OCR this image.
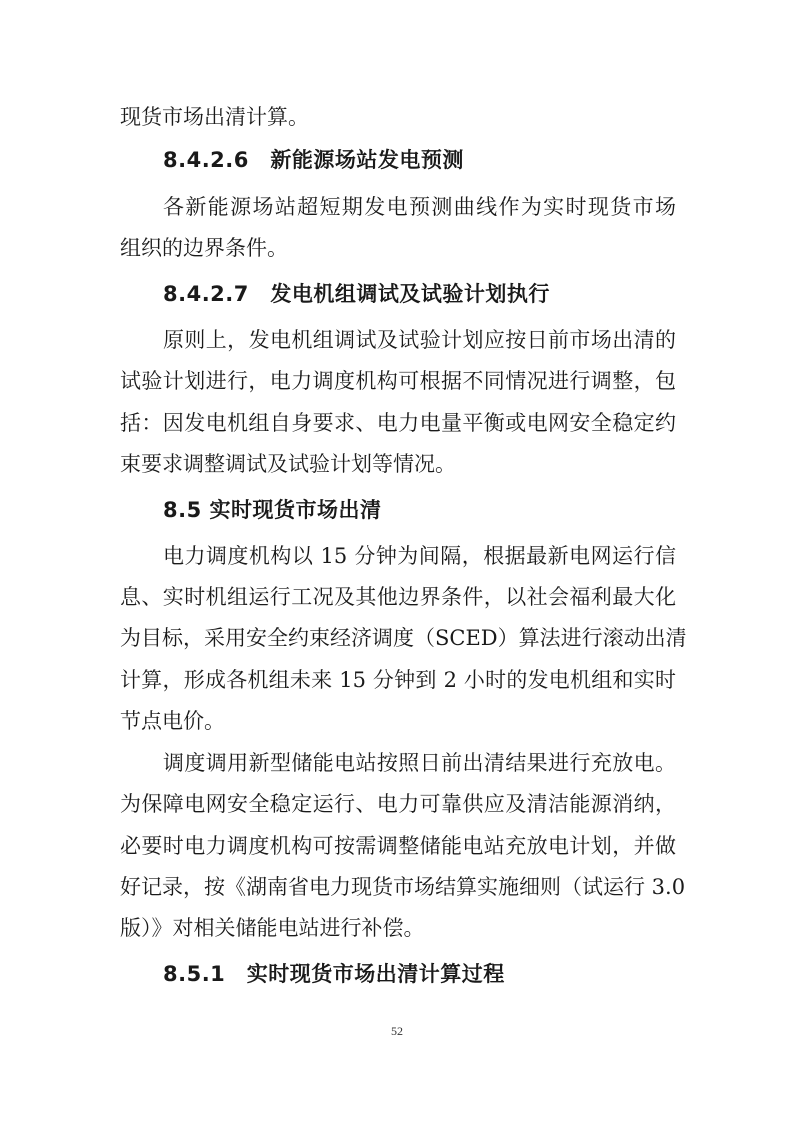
现货市场出清计算。
8.4.2.6　新能源场站发电预测
各新能源场站超短期发电预测曲线作为实时现货市场
组织的边界条件。
8.4.2.7　发电机组调试及试验计划执行
原则上，发电机组调试及试验计划应按日前市场出清的
试验计划进行，电力调度机构可根据不同情况进行调整，包
括：因发电机组自身要求、电力电量平衡或电网安全稳定约
束要求调整调试及试验计划等情况。
8.5 实时现货市场出清
电力调度机构以 15 分钟为间隔，根据最新电网运行信
息、实时机组运行工况及其他边界条件，以社会福利最大化
为目标，采用安全约束经济调度（SCED）算法进行滚动出清
计算，形成各机组未来 15 分钟到 2 小时的发电机组和实时
节点电价。
调度调用新型储能电站按照日前出清结果进行充放电。
为保障电网安全稳定运行、电力可靠供应及清洁能源消纳，
必要时电力调度机构可按需调整储能电站充放电计划，并做
好记录，按《湖南省电力现货市场结算实施细则（试运行 3.0
版）》对相关储能电站进行补偿。
8.5.1　实时现货市场出清计算过程
52
